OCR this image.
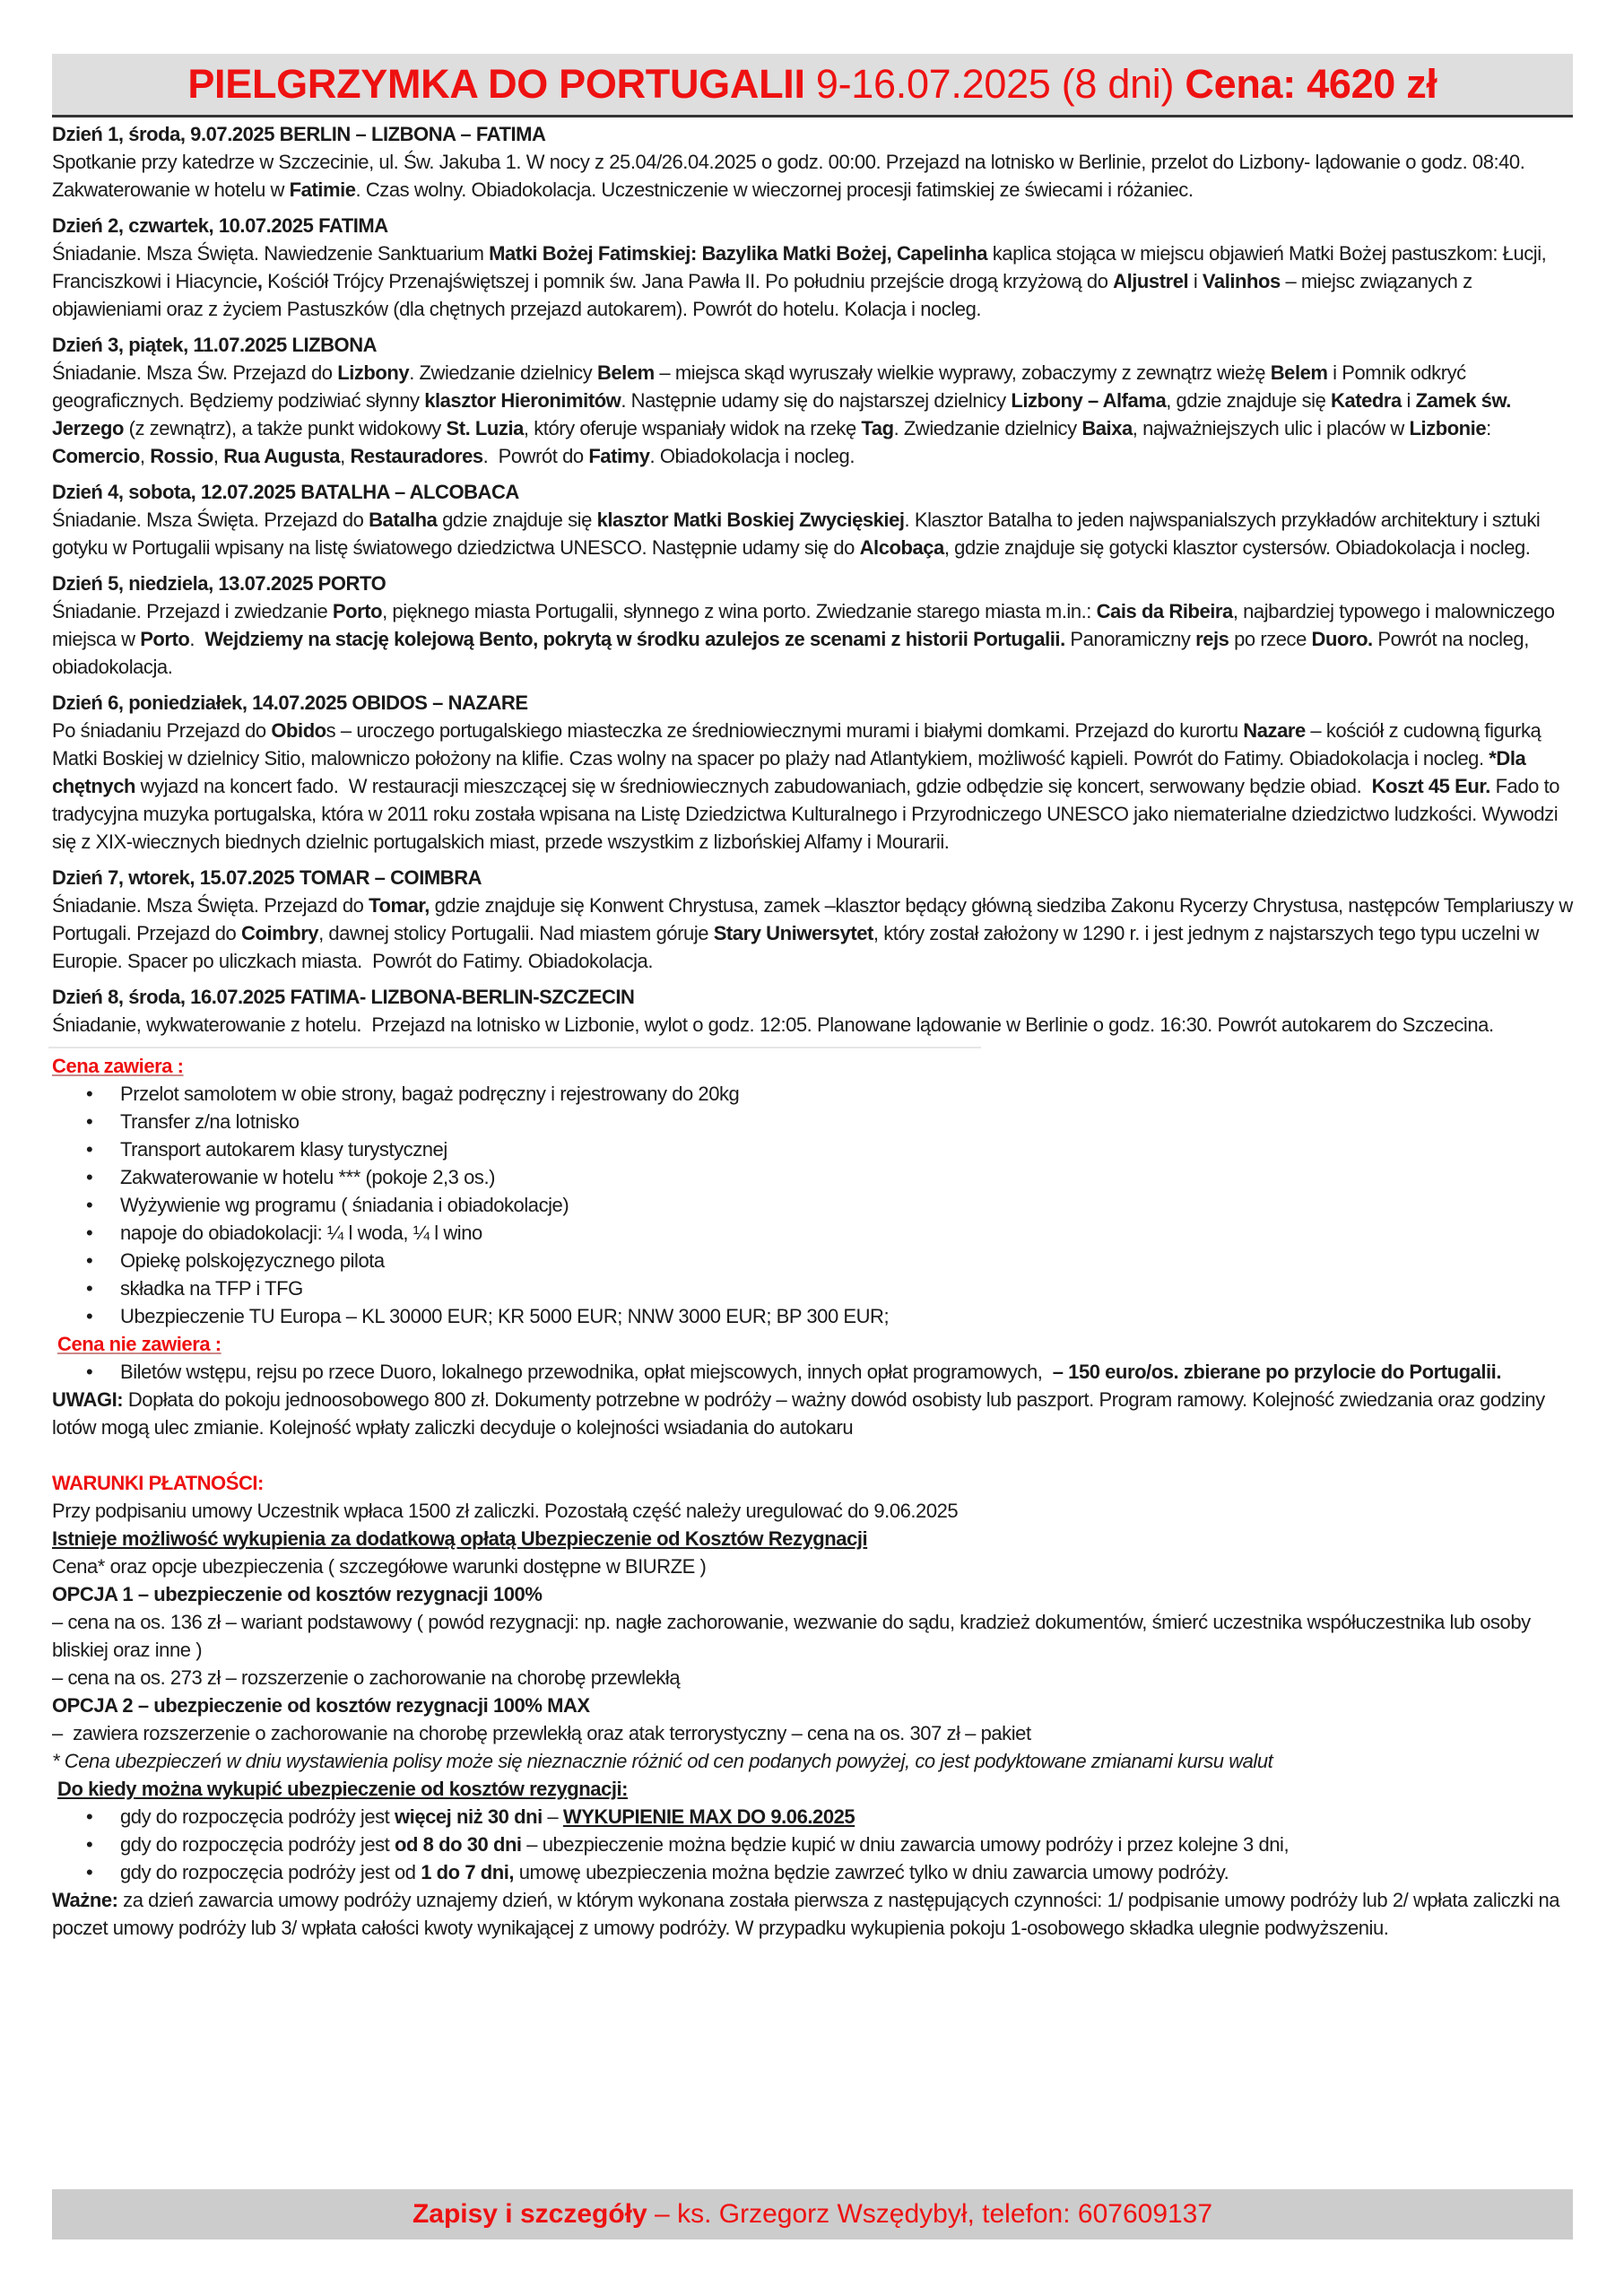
PIELGRZYMKA DO PORTUGALII 9-16.07.2025 (8 dni) Cena: 4620 zł
Dzień 1, środa, 9.07.2025 BERLIN – LIZBONA – FATIMA

Spotkanie przy katedrze w Szczecinie, ul. Św. Jakuba 1. W nocy z 25.04/26.04.2025 o godz. 00:00. Przejazd na lotnisko w Berlinie, przelot do Lizbony- lądowanie o godz. 08:40. Zakwaterowanie w hotelu w Fatimie. Czas wolny. Obiadokolacja. Uczestniczenie w wieczornej procesji fatimskiej ze świecami i różaniec.

Dzień 2, czwartek, 10.07.2025 FATIMA

Śniadanie. Msza Święta. Nawiedzenie Sanktuarium Matki Bożej Fatimskiej: Bazylika Matki Bożej, Capelinha kaplica stojąca w miejscu objawień Matki Bożej pastuszkom: Łucji, Franciszkowi i Hiacyncie, Kościół Trójcy Przenajświętszej i pomnik św. Jana Pawła II. Po południu przejście drogą krzyżową do Aljustrel i Valinhos – miejsc związanych z objawieniami oraz z życiem Pastuszków (dla chętnych przejazd autokarem). Powrót do hotelu. Kolacja i nocleg.

Dzień 3, piątek, 11.07.2025 LIZBONA

Śniadanie. Msza Św. Przejazd do Lizbony. Zwiedzanie dzielnicy Belem – miejsca skąd wyruszały wielkie wyprawy, zobaczymy z zewnątrz wieżę Belem i Pomnik odkryć geograficznych. Będziemy podziwiać słynny klasztor Hieronimitów. Następnie udamy się do najstarszej dzielnicy Lizbony – Alfama, gdzie znajduje się Katedra i Zamek św. Jerzego (z zewnątrz), a także punkt widokowy St. Luzia, który oferuje wspaniały widok na rzekę Tag. Zwiedzanie dzielnicy Baixa, najważniejszych ulic i placów w Lizbonie: Comercio, Rossio, Rua Augusta, Restauradores.  Powrót do Fatimy. Obiadokolacja i nocleg.

Dzień 4, sobota, 12.07.2025 BATALHA – ALCOBACA

Śniadanie. Msza Święta. Przejazd do Batalha gdzie znajduje się klasztor Matki Boskiej Zwycięskiej. Klasztor Batalha to jeden najwspanialszych przykładów architektury i sztuki gotyku w Portugalii wpisany na listę światowego dziedzictwa UNESCO. Następnie udamy się do Alcobaça, gdzie znajduje się gotycki klasztor cystersów. Obiadokolacja i nocleg.

Dzień 5, niedziela, 13.07.2025 PORTO

Śniadanie. Przejazd i zwiedzanie Porto, pięknego miasta Portugalii, słynnego z wina porto. Zwiedzanie starego miasta m.in.: Cais da Ribeira, najbardziej typowego i malowniczego miejsca w Porto.  Wejdziemy na stację kolejową Bento, pokrytą w środku azulejos ze scenami z historii Portugalii. Panoramiczny rejs po rzece Duoro. Powrót na nocleg, obiadokolacja.

Dzień 6, poniedziałek, 14.07.2025 OBIDOS – NAZARE

Po śniadaniu Przejazd do Obidos – uroczego portugalskiego miasteczka ze średniowiecznymi murami i białymi domkami. Przejazd do kurortu Nazare – kościół z cudowną figurką Matki Boskiej w dzielnicy Sitio, malowniczo położony na klifie. Czas wolny na spacer po plaży nad Atlantykiem, możliwość kąpieli. Powrót do Fatimy. Obiadokolacja i nocleg. *Dla chętnych wyjazd na koncert fado.  W restauracji mieszczącej się w średniowiecznych zabudowaniach, gdzie odbędzie się koncert, serwowany będzie obiad.  Koszt 45 Eur. Fado to tradycyjna muzyka portugalska, która w 2011 roku została wpisana na Listę Dziedzictwa Kulturalnego i Przyrodniczego UNESCO jako niematerialne dziedzictwo ludzkości. Wywodzi się z XIX-wiecznych biednych dzielnic portugalskich miast, przede wszystkim z lizbońskiej Alfamy i Mourarii.

Dzień 7, wtorek, 15.07.2025 TOMAR – COIMBRA

Śniadanie. Msza Święta. Przejazd do Tomar, gdzie znajduje się Konwent Chrystusa, zamek –klasztor będący główną siedziba Zakonu Rycerzy Chrystusa, następców Templariuszy w Portugali. Przejazd do Coimbry, dawnej stolicy Portugalii. Nad miastem góruje Stary Uniwersytet, który został założony w 1290 r. i jest jednym z najstarszych tego typu uczelni w Europie. Spacer po uliczkach miasta.  Powrót do Fatimy. Obiadokolacja.

Dzień 8, środa, 16.07.2025 FATIMA- LIZBONA-BERLIN-SZCZECIN

Śniadanie, wykwaterowanie z hotelu.  Przejazd na lotnisko w Lizbonie, wylot o godz. 12:05. Planowane lądowanie w Berlinie o godz. 16:30. Powrót autokarem do Szczecina.

Cena zawiera :
• Przelot samolotem w obie strony, bagaż podręczny i rejestrowany do 20kg
• Transfer z/na lotnisko
• Transport autokarem klasy turystycznej
• Zakwaterowanie w hotelu *** (pokoje 2,3 os.)
• Wyżywienie wg programu ( śniadania i obiadokolacje)
• napoje do obiadokolacji: ¼ l woda, ¼ l wino
• Opiekę polskojęzycznego pilota
• składka na TFP i TFG
• Ubezpieczenie TU Europa – KL 30000 EUR; KR 5000 EUR; NNW 3000 EUR; BP 300 EUR;
Cena nie zawiera :
• Biletów wstępu, rejsu po rzece Duoro, lokalnego przewodnika, opłat miejscowych, innych opłat programowych,  – 150 euro/os. zbierane po przylocie do Portugalii.

UWAGI: Dopłata do pokoju jednoosobowego 800 zł. Dokumenty potrzebne w podróży – ważny dowód osobisty lub paszport. Program ramowy. Kolejność zwiedzania oraz godziny lotów mogą ulec zmianie. Kolejność wpłaty zaliczki decyduje o kolejności wsiadania do autokaru

WARUNKI PŁATNOŚCI:

Przy podpisaniu umowy Uczestnik wpłaca 1500 zł zaliczki. Pozostałą część należy uregulować do 9.06.2025

Istnieje możliwość wykupienia za dodatkową opłatą Ubezpieczenie od Kosztów Rezygnacji

Cena* oraz opcje ubezpieczenia ( szczegółowe warunki dostępne w BIURZE )

OPCJA 1 – ubezpieczenie od kosztów rezygnacji 100%

– cena na os. 136 zł – wariant podstawowy ( powód rezygnacji: np. nagłe zachorowanie, wezwanie do sądu, kradzież dokumentów, śmierć uczestnika współuczestnika lub osoby bliskiej oraz inne )

– cena na os. 273 zł – rozszerzenie o zachorowanie na chorobę przewlekłą

OPCJA 2 – ubezpieczenie od kosztów rezygnacji 100% MAX

–  zawiera rozszerzenie o zachorowanie na chorobę przewlekłą oraz atak terrorystyczny – cena na os. 307 zł – pakiet

* Cena ubezpieczeń w dniu wystawienia polisy może się nieznacznie różnić od cen podanych powyżej, co jest podyktowane zmianami kursu walut

Do kiedy można wykupić ubezpieczenie od kosztów rezygnacji:

• gdy do rozpoczęcia podróży jest więcej niż 30 dni – WYKUPIENIE MAX DO 9.06.2025
• gdy do rozpoczęcia podróży jest od 8 do 30 dni – ubezpieczenie można będzie kupić w dniu zawarcia umowy podróży i przez kolejne 3 dni,
• gdy do rozpoczęcia podróży jest od 1 do 7 dni, umowę ubezpieczenia można będzie zawrzeć tylko w dniu zawarcia umowy podróży.

Ważne: za dzień zawarcia umowy podróży uznajemy dzień, w którym wykonana została pierwsza z następujących czynności: 1/ podpisanie umowy podróży lub 2/ wpłata zaliczki na poczet umowy podróży lub 3/ wpłata całości kwoty wynikającej z umowy podróży. W przypadku wykupienia pokoju 1-osobowego składka ulegnie podwyższeniu.

Zapisy i szczegóły – ks. Grzegorz Wszędybył, telefon: 607609137
